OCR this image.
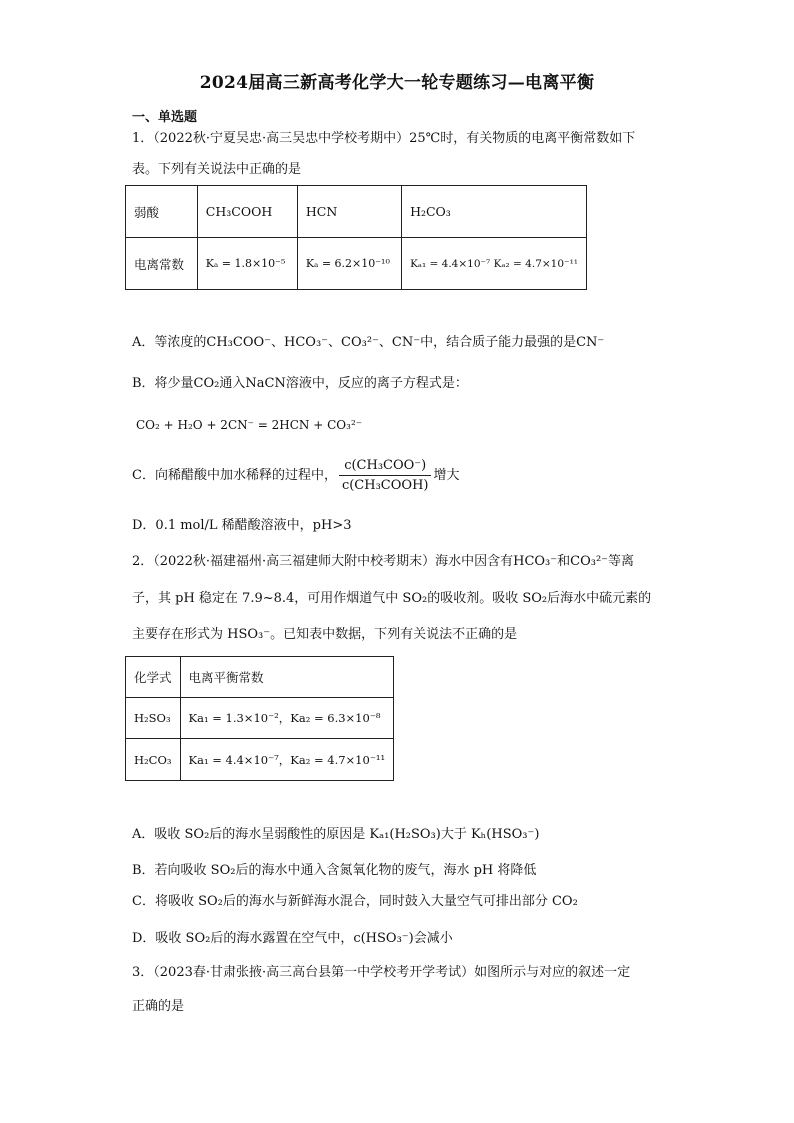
2024届高三新高考化学大一轮专题练习—电离平衡
一、单选题
1．（2022秋·宁夏吴忠·高三吴忠中学校考期中）25℃时，有关物质的电离平衡常数如下
表。下列有关说法中正确的是
弱酸	CH₃COOH	HCN	H₂CO₃
电离常数	Kₐ = 1.8×10⁻⁵	Kₐ = 6.2×10⁻¹⁰	Kₐ₁ = 4.4×10⁻⁷ Kₐ₂ = 4.7×10⁻¹¹
A．等浓度的CH₃COO⁻、HCO₃⁻、CO₃²⁻、CN⁻中，结合质子能力最强的是CN⁻
B．将少量CO₂通入NaCN溶液中，反应的离子方程式是：
CO₂ + H₂O + 2CN⁻ = 2HCN + CO₃²⁻
C．向稀醋酸中加水稀释的过程中， $\frac{\text{c(CH₃COO⁻)}}{\text{c(CH₃COOH)}}$ 增大
D．0.1 mol/L 稀醋酸溶液中，pH>3
2．（2022秋·福建福州·高三福建师大附中校考期末）海水中因含有HCO₃⁻和CO₃²⁻等离
子，其 pH 稳定在 7.9~8.4，可用作烟道气中 SO₂的吸收剂。吸收 SO₂后海水中硫元素的
主要存在形式为 HSO₃⁻。已知表中数据，下列有关说法不正确的是
化学式	电离平衡常数
H₂SO₃	Ka₁ = 1.3×10⁻²，Ka₂ = 6.3×10⁻⁸
H₂CO₃	Ka₁ = 4.4×10⁻⁷，Ka₂ = 4.7×10⁻¹¹
A．吸收 SO₂后的海水呈弱酸性的原因是 Kₐ₁(H₂SO₃)大于 Kₕ(HSO₃⁻)
B．若向吸收 SO₂后的海水中通入含氮氧化物的废气，海水 pH 将降低
C．将吸收 SO₂后的海水与新鲜海水混合，同时鼓入大量空气可排出部分 CO₂
D．吸收 SO₂后的海水露置在空气中，c(HSO₃⁻)会减小
3．（2023春·甘肃张掖·高三高台县第一中学校考开学考试）如图所示与对应的叙述一定
正确的是
